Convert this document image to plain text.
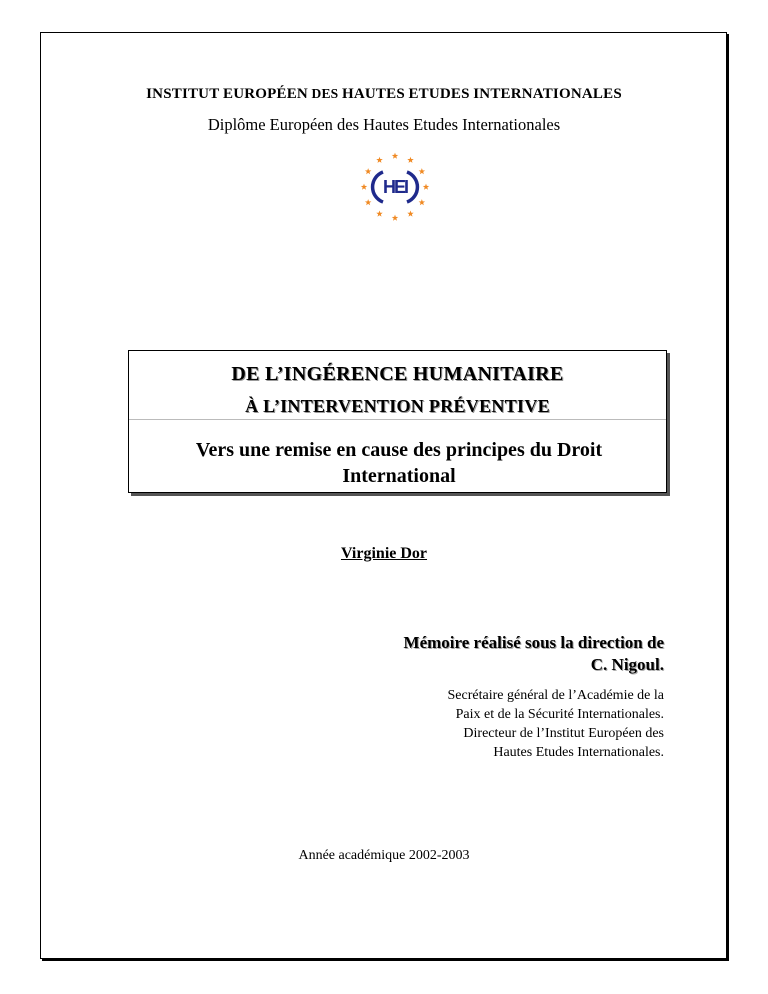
INSTITUT EUROPÉEN DES HAUTES ETUDES INTERNATIONALES
Diplôme Européen des Hautes Etudes Internationales
HEI
DE L’INGÉRENCE HUMANITAIRE
À L’INTERVENTION PRÉVENTIVE
Vers une remise en cause des principes du Droit International
Virginie Dor
Mémoire réalisé sous la direction de C. Nigoul.
Secrétaire général de l’Académie de la
Paix et de la Sécurité Internationales.
Directeur de l’Institut Européen des
Hautes Etudes Internationales.
Année académique 2002-2003
